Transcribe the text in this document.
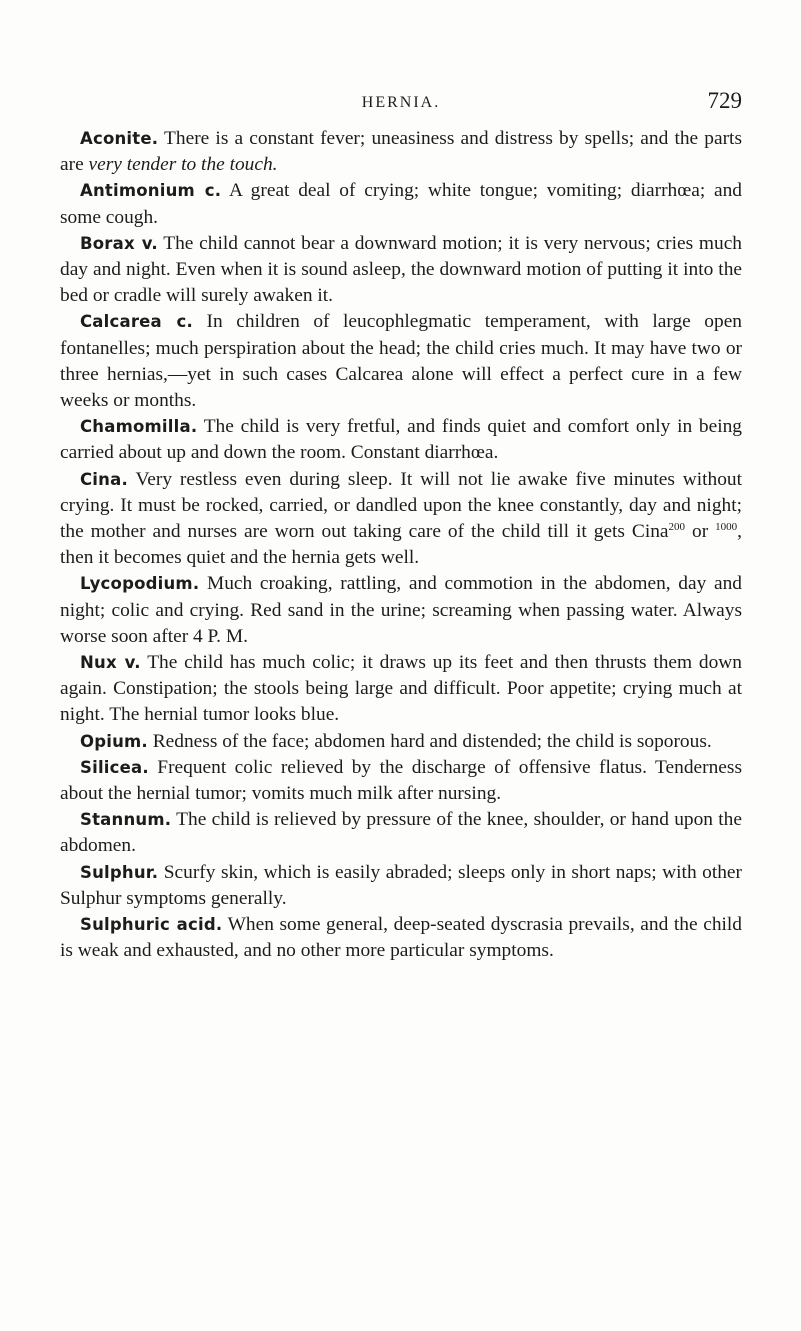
HERNIA.	729

Aconite. There is a constant fever; uneasiness and distress by spells; and the parts are very tender to the touch.

Antimonium c. A great deal of crying; white tongue; vomiting; diarrhœa; and some cough.

Borax v. The child cannot bear a downward motion; it is very nervous; cries much day and night. Even when it is sound asleep, the downward motion of putting it into the bed or cradle will surely awaken it.

Calcarea c. In children of leucophlegmatic temperament, with large open fontanelles; much perspiration about the head; the child cries much. It may have two or three hernias,—yet in such cases Calcarea alone will effect a perfect cure in a few weeks or months.

Chamomilla. The child is very fretful, and finds quiet and comfort only in being carried about up and down the room. Constant diarrhœa.

Cina. Very restless even during sleep. It will not lie awake five minutes without crying. It must be rocked, carried, or dandled upon the knee constantly, day and night; the mother and nurses are worn out taking care of the child till it gets Cina$^{200}$ or $^{1000}$, then it becomes quiet and the hernia gets well.

Lycopodium. Much croaking, rattling, and commotion in the abdomen, day and night; colic and crying. Red sand in the urine; screaming when passing water. Always worse soon after 4 P. M.

Nux v. The child has much colic; it draws up its feet and then thrusts them down again. Constipation; the stools being large and difficult. Poor appetite; crying much at night. The hernial tumor looks blue.

Opium. Redness of the face; abdomen hard and distended; the child is soporous.

Silicea. Frequent colic relieved by the discharge of offensive flatus. Tenderness about the hernial tumor; vomits much milk after nursing.

Stannum. The child is relieved by pressure of the knee, shoulder, or hand upon the abdomen.

Sulphur. Scurfy skin, which is easily abraded; sleeps only in short naps; with other Sulphur symptoms generally.

Sulphuric acid. When some general, deep-seated dyscrasia prevails, and the child is weak and exhausted, and no other more particular symptoms.
